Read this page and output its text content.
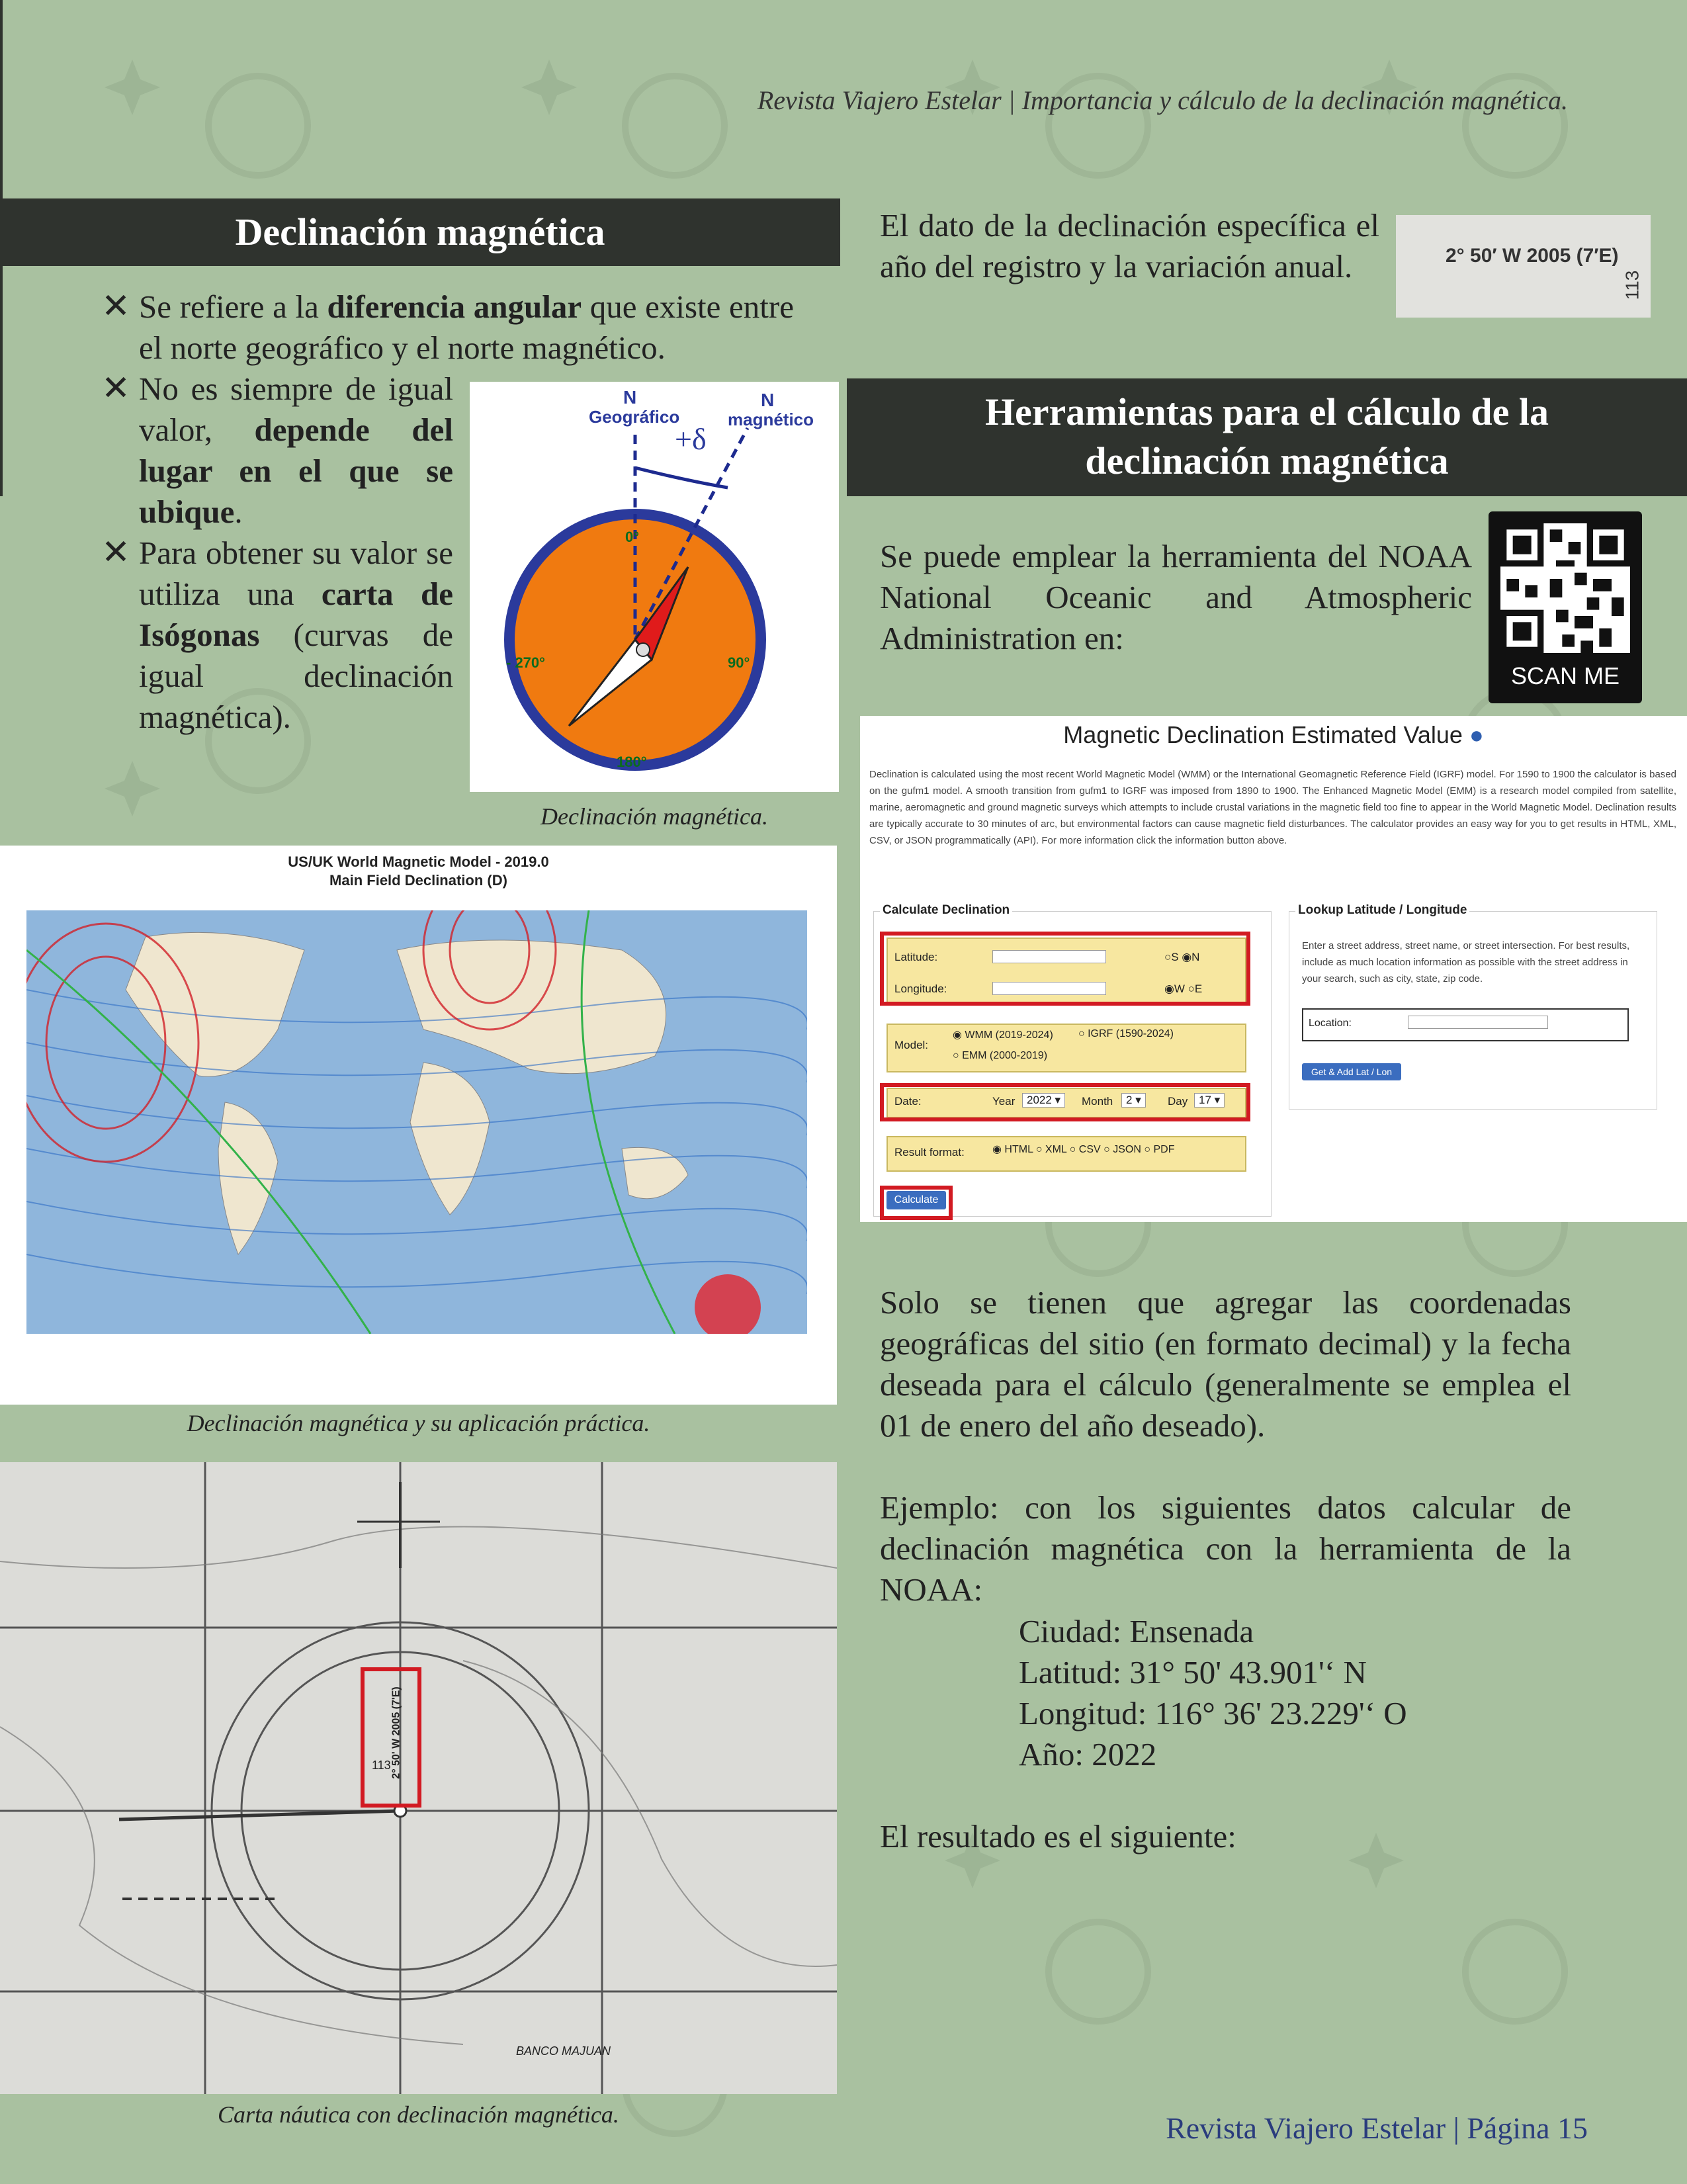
Revista Viajero Estelar | Importancia y cálculo de la declinación magnética.
Declinación magnética
✕ Se refiere a la diferencia angular que existe entre el norte geográfico y el norte magnético.
✕ No es siempre de igual valor, depende del lugar en el que se ubique.
✕ Para obtener su valor se utiliza una carta de Isógonas (curvas de igual declinación magnética).
N
Geográfico
N
magnético
+δ
0°
90°
180°
- 270°
Declinación magnética.
US/UK World Magnetic Model - 2019.0
Main Field Declination (D)
Declinación magnética y su aplicación práctica.
2° 50' W 2005 (7'E)
113
BANCO MAJUAN
Carta náutica con declinación magnética.
El dato de la declinación específica el año del registro y la variación anual.	2° 50′ W 2005 (7′E)
113
Herramientas para el cálculo de la
declinación magnética
Se puede emplear la herramienta del NOAA National Oceanic and Atmospheric Administration en:
SCAN ME
Magnetic Declination Estimated Value ●
Declination is calculated using the most recent World Magnetic Model (WMM) or the International Geomagnetic Reference Field (IGRF) model. For 1590 to 1900 the calculator is based on the gufm1 model. A smooth transition from gufm1 to IGRF was imposed from 1890 to 1900. The Enhanced Magnetic Model (EMM) is a research model compiled from satellite, marine, aeromagnetic and ground magnetic surveys which attempts to include crustal variations in the magnetic field too fine to appear in the World Magnetic Model. Declination results are typically accurate to 30 minutes of arc, but environmental factors can cause magnetic field disturbances. The calculator provides an easy way for you to get results in HTML, XML, CSV, or JSON programmatically (API). For more information click the information button above.
Calculate Declination
Latitude:	○S ◉N
Longitude:	◉W ○E
Model:
◉ WMM (2019-2024) ○ IGRF (1590-2024)
○ EMM (2000-2019)
Date:	Year	2022 ▾	Month	2 ▾	Day 17 ▾
Result format:	◉ HTML ○ XML ○ CSV ○ JSON ○ PDF
Calculate
Lookup Latitude / Longitude
Enter a street address, street name, or street intersection. For best results, include as much location information as possible with the street address in your search, such as city, state, zip code.
Location:
Get & Add Lat / Lon
Solo se tienen que agregar las coordenadas geográficas del sitio (en formato decimal) y la fecha deseada para el cálculo (generalmente se emplea el 01 de enero del año deseado).
Ejemplo: con los siguientes datos calcular de declinación magnética con la herramienta de la NOAA:
Ciudad: Ensenada
Latitud: 31° 50' 43.901'‘ N
Longitud: 116° 36' 23.229'‘ O
Año: 2022
El resultado es el siguiente:
Revista Viajero Estelar | Página 15
